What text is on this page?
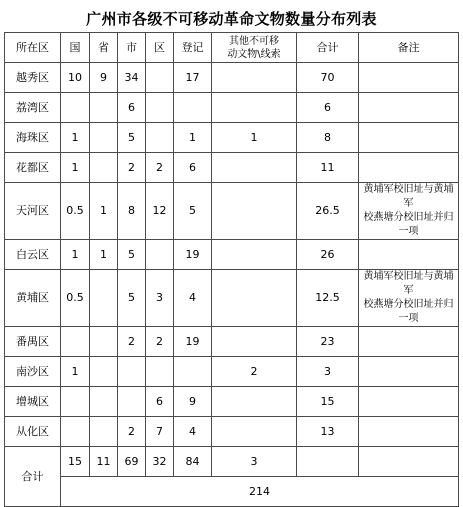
广州市各级不可移动革命文物数量分布列表
所在区	国	省	市	区	登记	其他不可移
动文物\线索	合计	备注
越秀区	10	9	34		17		70	
荔湾区			6				6	
海珠区	1		5		1	1	8	
花都区	1		2	2	6		11	
天河区	0.5	1	8	12	5		26.5	黄埔军校旧址与黄埔军
校燕塘分校旧址并归
一项
白云区	1	1	5		19		26	
黄埔区	0.5		5	3	4		12.5	黄埔军校旧址与黄埔军
校燕塘分校旧址并归
一项
番禺区			2	2	19		23	
南沙区	1					2	3	
增城区				6	9		15	
从化区			2	7	4		13	
合计	15	11	69	32	84	3		
	214							
